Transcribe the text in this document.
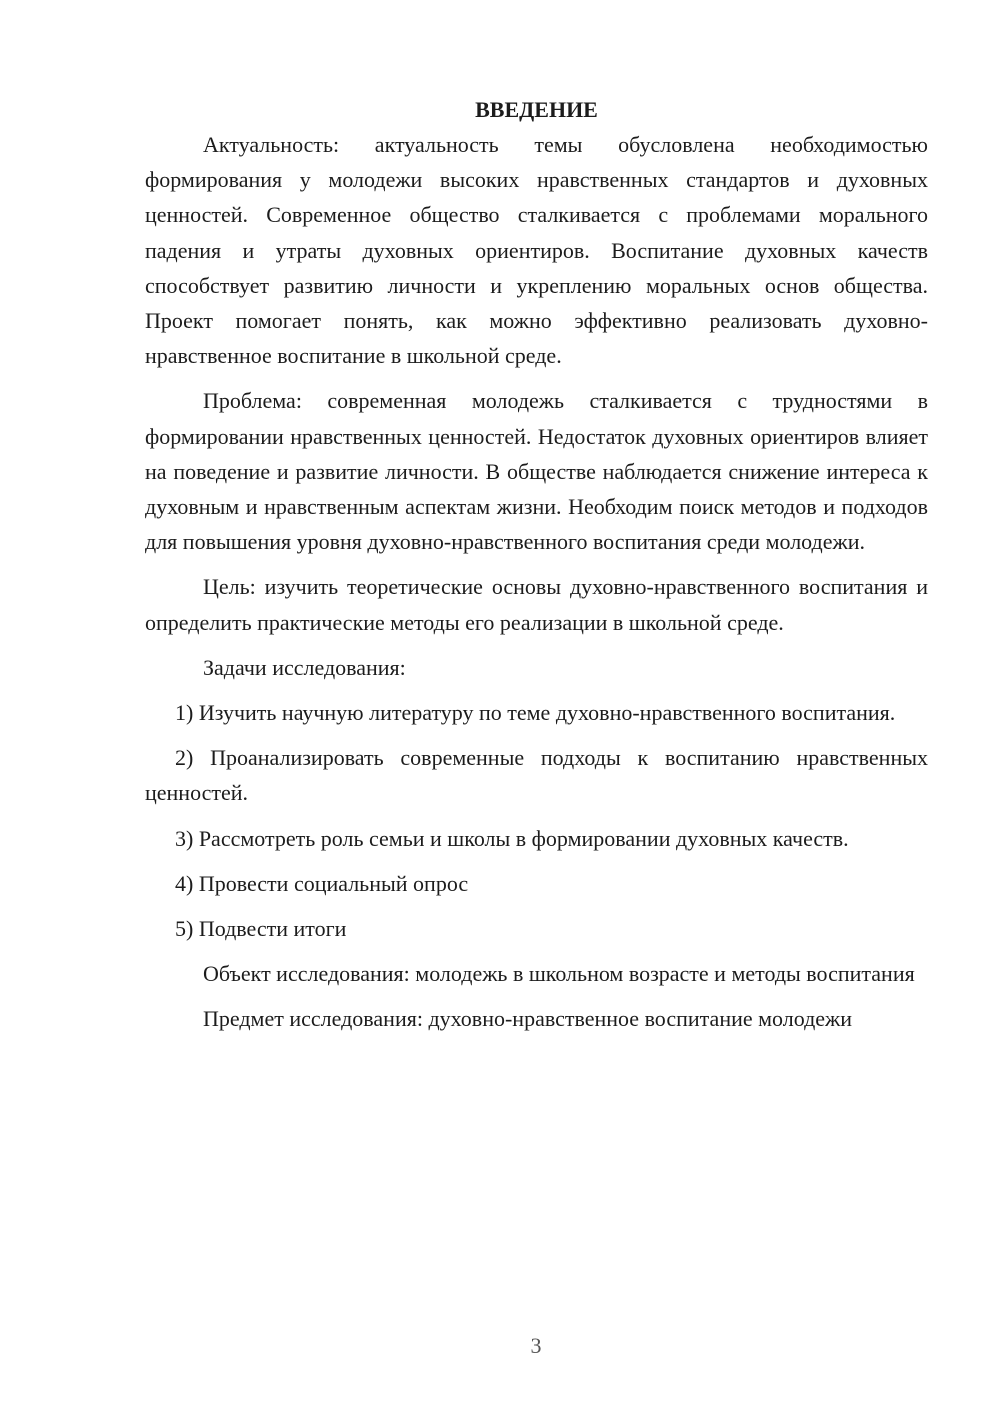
ВВЕДЕНИЕ

Актуальность: актуальность темы обусловлена необходимостью формирования у молодежи высоких нравственных стандартов и духовных ценностей. Современное общество сталкивается с проблемами морального падения и утраты духовных ориентиров. Воспитание духовных качеств способствует развитию личности и укреплению моральных основ общества. Проект помогает понять, как можно эффективно реализовать духовно-нравственное воспитание в школьной среде.

Проблема: современная молодежь сталкивается с трудностями в формировании нравственных ценностей. Недостаток духовных ориентиров влияет на поведение и развитие личности. В обществе наблюдается снижение интереса к духовным и нравственным аспектам жизни. Необходим поиск методов и подходов для повышения уровня духовно-нравственного воспитания среди молодежи.

Цель: изучить теоретические основы духовно-нравственного воспитания и определить практические методы его реализации в школьной среде.

Задачи исследования:

1) Изучить научную литературу по теме духовно-нравственного воспитания.

2) Проанализировать современные подходы к воспитанию нравственных ценностей.

3) Рассмотреть роль семьи и школы в формировании духовных качеств.

4) Провести социальный опрос

5) Подвести итоги

Объект исследования: молодежь в школьном возрасте и методы воспитания

Предмет исследования: духовно-нравственное воспитание молодежи

3
